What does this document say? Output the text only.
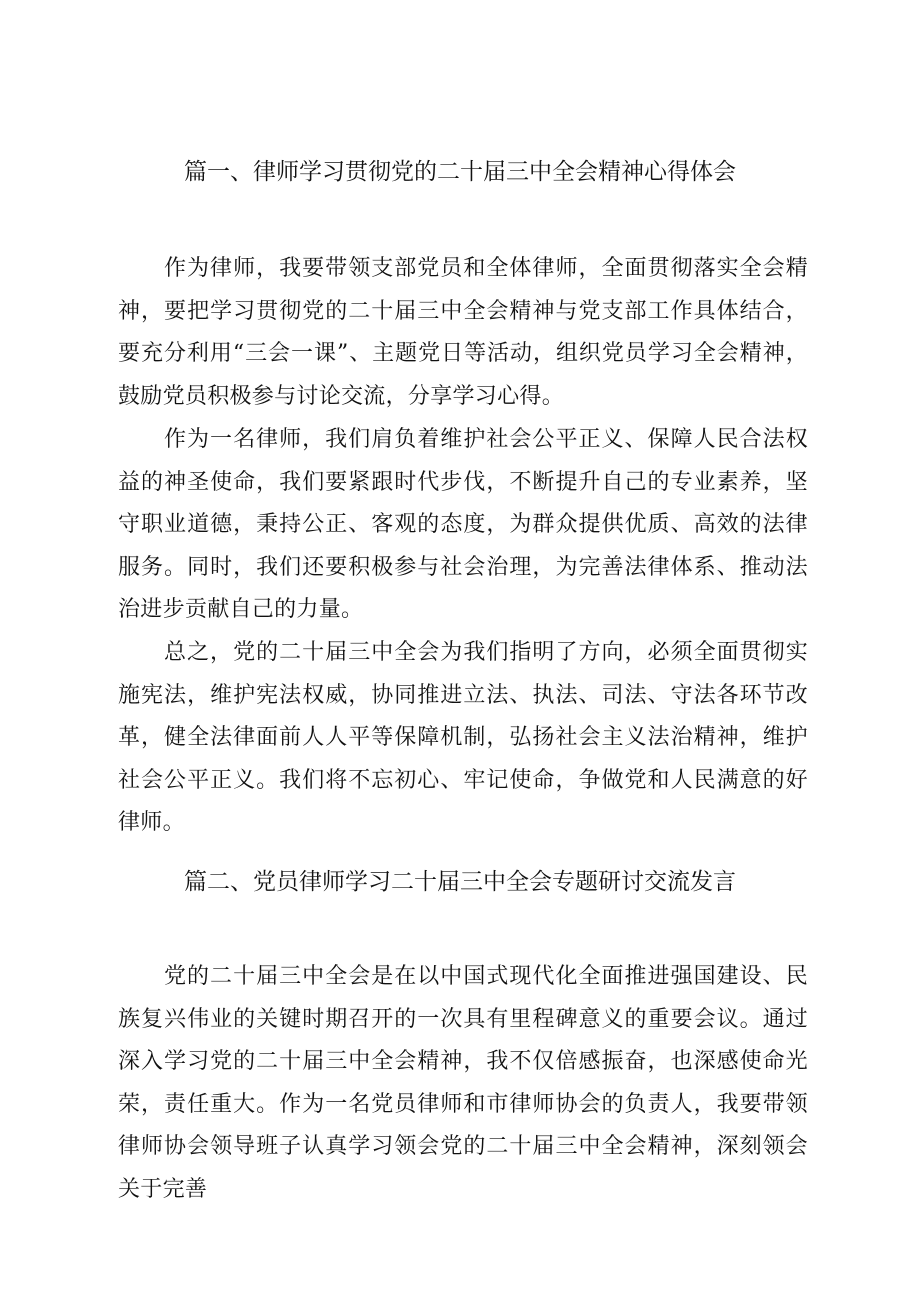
篇一、律师学习贯彻党的二十届三中全会精神心得体会

作为律师，我要带领支部党员和全体律师，全面贯彻落实全会精神，要把学习贯彻党的二十届三中全会精神与党支部工作具体结合，要充分利用“三会一课”、主题党日等活动，组织党员学习全会精神，鼓励党员积极参与讨论交流，分享学习心得。

作为一名律师，我们肩负着维护社会公平正义、保障人民合法权益的神圣使命，我们要紧跟时代步伐，不断提升自己的专业素养，坚守职业道德，秉持公正、客观的态度，为群众提供优质、高效的法律服务。同时，我们还要积极参与社会治理，为完善法律体系、推动法治进步贡献自己的力量。

总之，党的二十届三中全会为我们指明了方向，必须全面贯彻实施宪法，维护宪法权威，协同推进立法、执法、司法、守法各环节改革，健全法律面前人人平等保障机制，弘扬社会主义法治精神，维护社会公平正义。我们将不忘初心、牢记使命，争做党和人民满意的好律师。

篇二、党员律师学习二十届三中全会专题研讨交流发言

党的二十届三中全会是在以中国式现代化全面推进强国建设、民族复兴伟业的关键时期召开的一次具有里程碑意义的重要会议。通过深入学习党的二十届三中全会精神，我不仅倍感振奋，也深感使命光荣，责任重大。作为一名党员律师和市律师协会的负责人，我要带领律师协会领导班子认真学习领会党的二十届三中全会精神，深刻领会关于完善
